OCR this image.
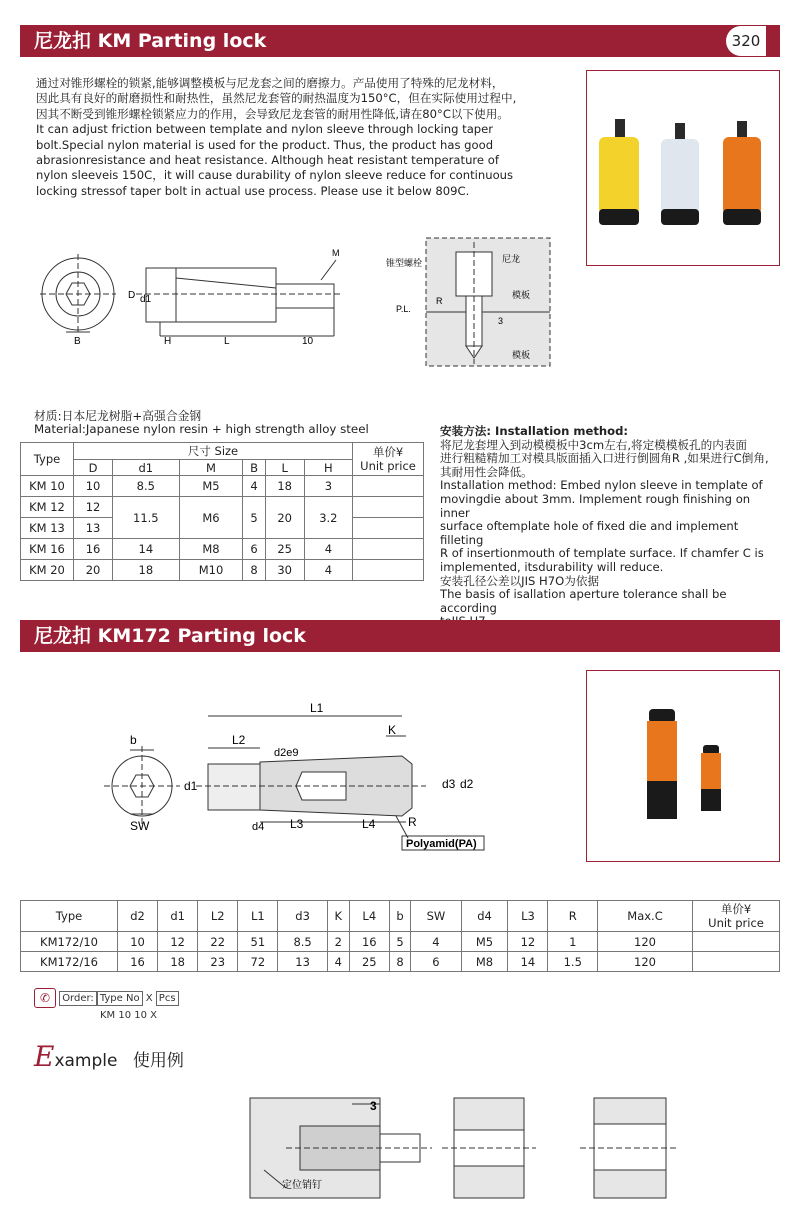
尼龙扣 KM Parting lock	320

通过对锥形螺栓的锁紧,能够调整模板与尼龙套之间的磨擦力。产品使用了特殊的尼龙材料，

因此具有良好的耐磨损性和耐热性，虽然尼龙套管的耐热温度为150°C，但在实际使用过程中,

因其不断受到锥形螺栓锁紧应力的作用，会导致尼龙套管的耐用性降低,请在80°C以下使用。

It can adjust friction between template and nylon sleeve through locking taper

bolt.Special nylon material is used for the product. Thus, the product has good

abrasionresistance and heat resistance. Although heat resistant temperature of

nylon sleeveis 150C，it will cause durability of nylon sleeve reduce for continuous

locking stressof taper bolt in actual use process. Please use it below 809C.

M
D d1
B	H	L	10
锥型螺栓	尼龙
模板
模板
R
P.L.
3
材质:日本尼龙树脂+高强合金钢
Material:Japanese nylon resin + high strength alloy steel
Type	尺寸 Size						单价¥
Unit price

	D	d1	M	B	L	H	
KM 10	10	8.5	M5	4	18	3	
KM 12	12	11.5	M6	5	20	3.2	
KM 13	13						
KM 16	16	14	M8	6	25	4	
KM 20	20	18	M10	8	30	4	

安装方法: Installation method:

将尼龙套埋入到动模模板中3cm左右,将定模模板孔的内表面

进行粗糙精加工对模具版面插入口进行倒圆角R ,如果进行C倒角,

其耐用性会降低。

Installation method: Embed nylon sleeve in template of

movingdie about 3mm. Implement rough finishing on inner

surface oftemplate hole of fixed die and implement filleting

R of insertionmouth of template surface. If chamfer C is

implemented, itsdurability will reduce.

安装孔径公差以JIS H7O为依据

The basis of isallation aperture tolerance shall be according

尼龙扣 KM172 Parting lock
L1
L2
d2e9
K
b
d1	d3 d2
SW	d4 L3	L4	R
Polyamid(PA)
Type	d2	d1	L2	L1	d3	K	L4	b	SW	d4	L3	R	Max.C	单价¥
Unit price

KM172/10	10	12	22	51	8.5	2	16	5	4	M5	12	1	120	
KM172/16	16	18	23	72	13	4	25	8	6	M8	14	1.5	120	
✆ Order: Type No X Pcs
KM 10 10 X
Example 使用例
3
定位销钉
